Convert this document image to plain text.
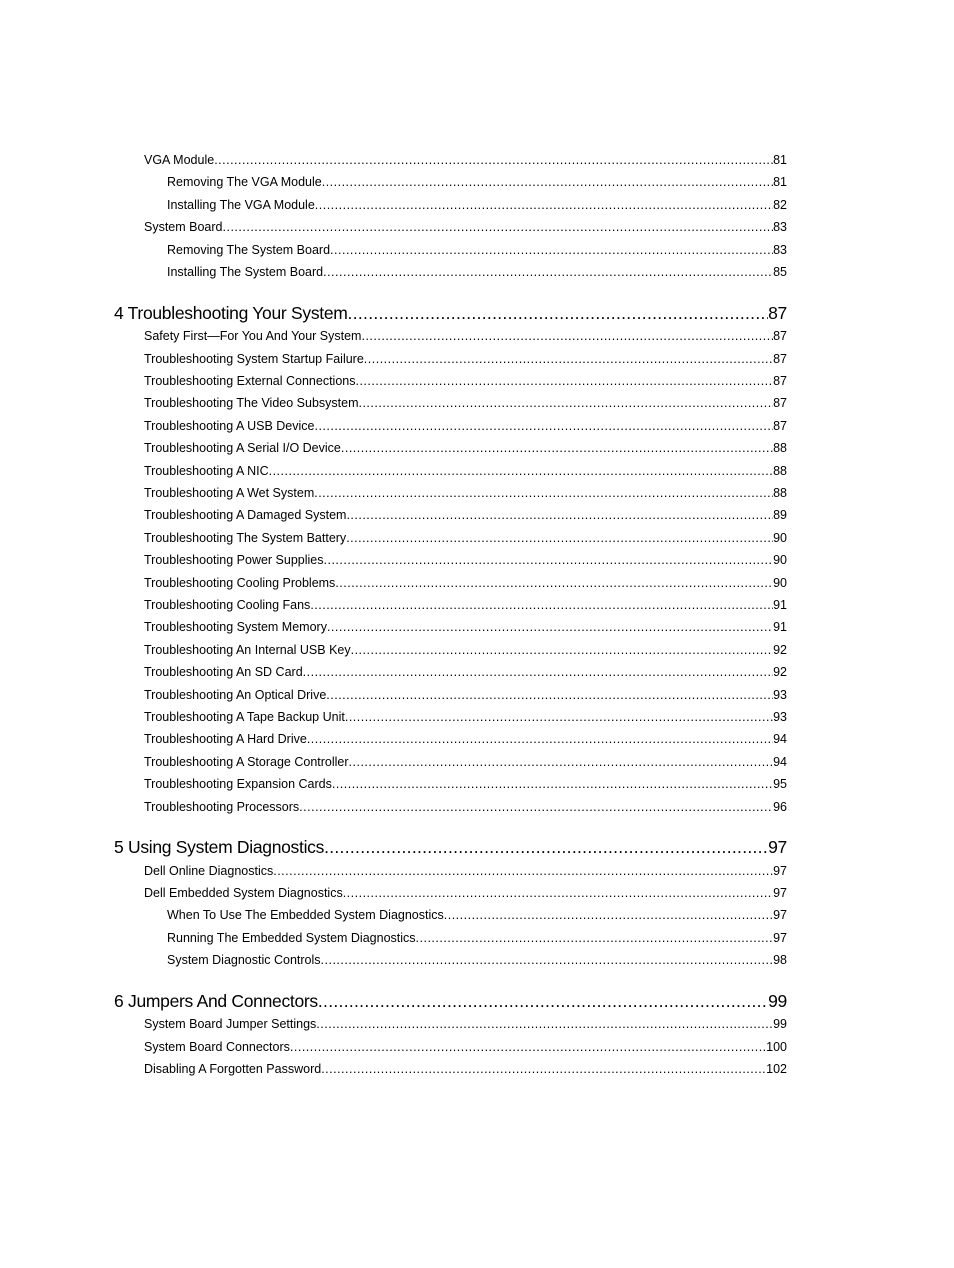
VGA Module .....	81
Removing The VGA Module .....	81
Installing The VGA Module .....	82
System Board .....	83
Removing The System Board .....	83
Installing The System Board .....	85
4 Troubleshooting Your System .....	87
Safety First—For You And Your System .....	87
Troubleshooting System Startup Failure .....	87
Troubleshooting External Connections .....	87
Troubleshooting The Video Subsystem .....	87
Troubleshooting A USB Device .....	87
Troubleshooting A Serial I/O Device .....	88
Troubleshooting A NIC .....	88
Troubleshooting A Wet System .....	88
Troubleshooting A Damaged System .....	89
Troubleshooting The System Battery .....	90
Troubleshooting Power Supplies .....	90
Troubleshooting Cooling Problems .....	90
Troubleshooting Cooling Fans .....	91
Troubleshooting System Memory .....	91
Troubleshooting An Internal USB Key .....	92
Troubleshooting An SD Card .....	92
Troubleshooting An Optical Drive .....	93
Troubleshooting A Tape Backup Unit .....	93
Troubleshooting A Hard Drive .....	94
Troubleshooting A Storage Controller .....	94
Troubleshooting Expansion Cards .....	95
Troubleshooting Processors .....	96
5 Using System Diagnostics .....	97
Dell Online Diagnostics .....	97
Dell Embedded System Diagnostics .....	97
When To Use The Embedded System Diagnostics .....	97
Running The Embedded System Diagnostics .....	97
System Diagnostic Controls .....	98
6 Jumpers And Connectors .....	99
System Board Jumper Settings .....	99
System Board Connectors .....	100
Disabling A Forgotten Password .....	102
